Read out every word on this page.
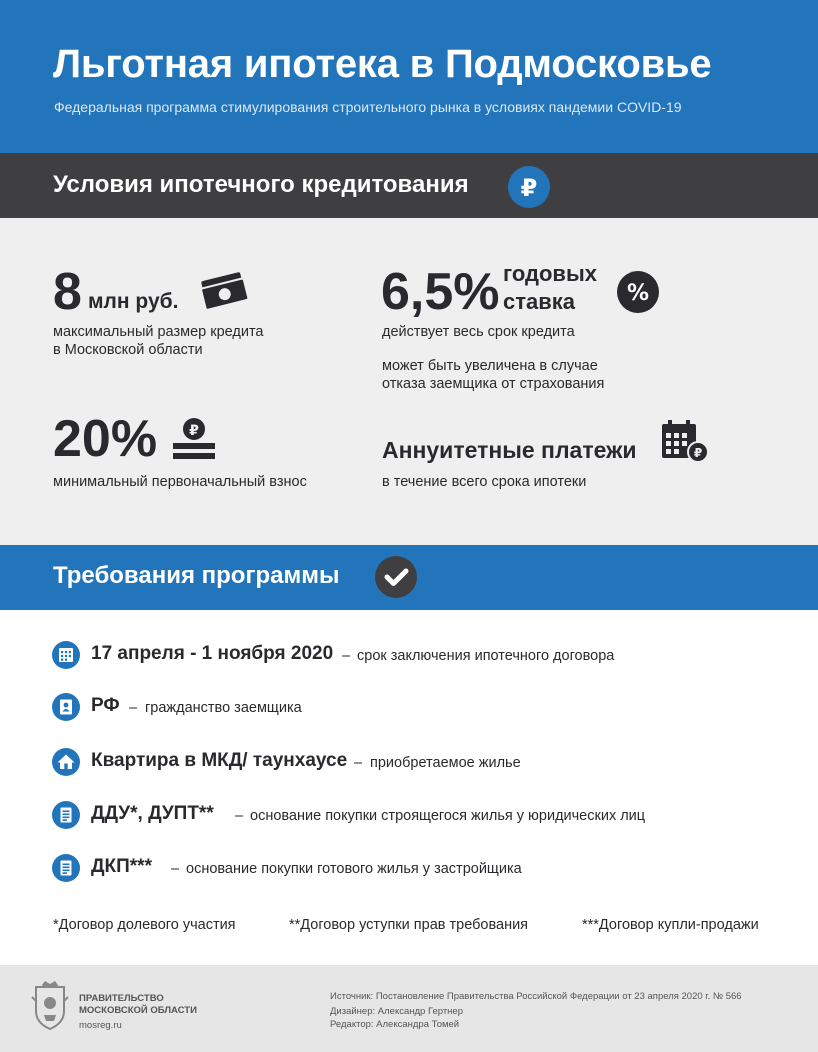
Льготная ипотека в Подмосковье
Федеральная программа стимулирования строительного рынка в условиях пандемии COVID-19
Условия ипотечного кредитования ₽
8 млн руб.
максимальный размер кредита
в Московской области
6,5% годовых
ставка %
действует весь срок кредита
может быть увеличена в случае
отказа заемщика от страхования
20% ₽
минимальный первоначальный взнос
Аннуитетные платежи	₽
в течение всего срока ипотеки
Требования программы
17 апреля - 1 ноября 2020 – срок заключения ипотечного договора
РФ – гражданство заемщика
Квартира в МКД/ таунхаусе – приобретаемое жилье
ДДУ*, ДУПТ** – основание покупки строящегося жилья у юридических лиц
ДКП*** – основание покупки готового жилья у застройщика
*Договор долевого участия	**Договор уступки прав требования	***Договор купли-продажи
ПРАВИТЕЛЬСТВО
МОСКОВСКОЙ ОБЛАСТИ
mosreg.ru
Источник: Постановление Правительства Российской Федерации от 23 апреля 2020 г. № 566
Дизайнер: Александр Гертнер
Редактор: Александра Томей
